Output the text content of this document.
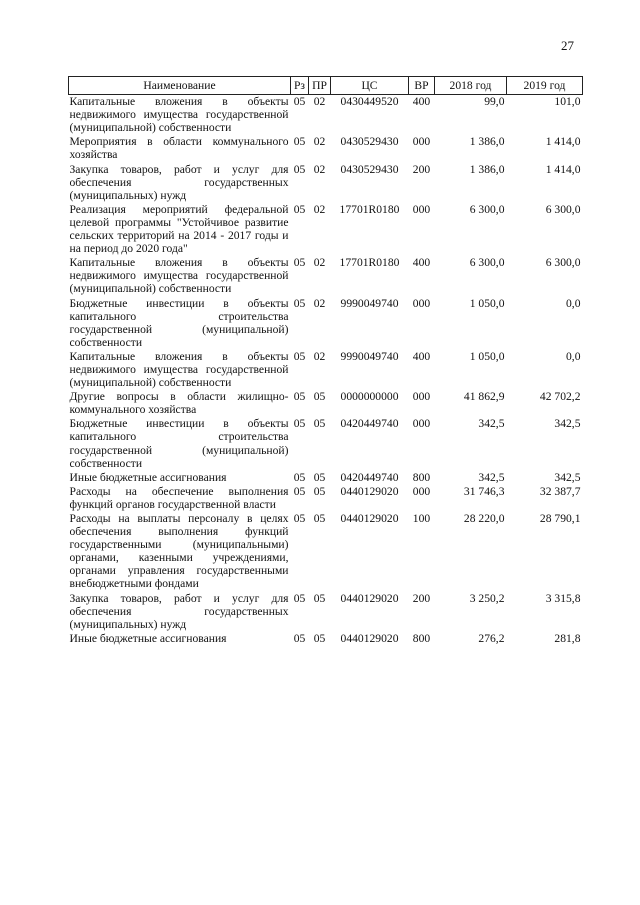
27
Наименование	Рз	ПР	ЦС	ВР	2018 год	2019 год
Капитальные вложения в объекты недвижимого имущества государственной (муниципальной) собственности	05	02	0430449520	400	99,0	101,0
Мероприятия в области коммунального хозяйства	05	02	0430529430	000	1 386,0	1 414,0
Закупка товаров, работ и услуг для обеспечения государственных (муниципальных) нужд	05	02	0430529430	200	1 386,0	1 414,0
Реализация мероприятий федеральной целевой программы "Устойчивое развитие сельских территорий на 2014 - 2017 годы и на период до 2020 года"	05	02	17701R0180	000	6 300,0	6 300,0
Капитальные вложения в объекты недвижимого имущества государственной (муниципальной) собственности	05	02	17701R0180	400	6 300,0	6 300,0
Бюджетные инвестиции в объекты капитального строительства государственной (муниципальной) собственности	05	02	9990049740	000	1 050,0	0,0
Капитальные вложения в объекты недвижимого имущества государственной (муниципальной) собственности	05	02	9990049740	400	1 050,0	0,0
Другие вопросы в области жилищно-коммунального хозяйства	05	05	0000000000	000	41 862,9	42 702,2
Бюджетные инвестиции в объекты капитального строительства государственной (муниципальной) собственности	05	05	0420449740	000	342,5	342,5
Иные бюджетные ассигнования	05	05	0420449740	800	342,5	342,5
Расходы на обеспечение выполнения функций органов государственной власти	05	05	0440129020	000	31 746,3	32 387,7
Расходы на выплаты персоналу в целях обеспечения выполнения функций государственными (муниципальными) органами, казенными учреждениями, органами управления государственными внебюджетными фондами	05	05	0440129020	100	28 220,0	28 790,1
Закупка товаров, работ и услуг для обеспечения государственных (муниципальных) нужд	05	05	0440129020	200	3 250,2	3 315,8
Иные бюджетные ассигнования	05	05	0440129020	800	276,2	281,8
